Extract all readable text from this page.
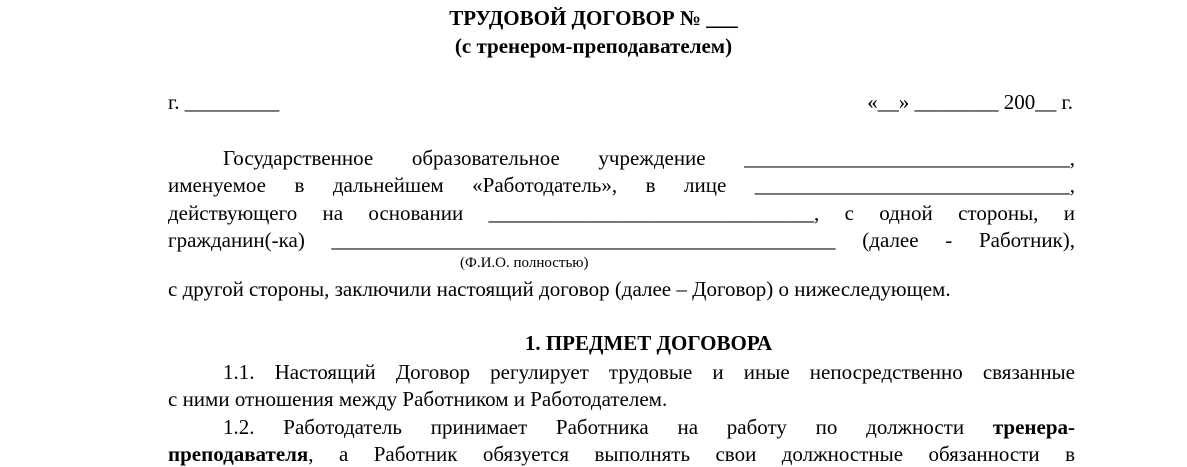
ТРУДОВОЙ ДОГОВОР № ___
(с тренером-преподавателем)
г. _________	«__» ________ 200__ г.
Государственное образовательное учреждение _______________________________,
именуемое в дальнейшем «Работодатель», в лице ______________________________,
действующего на основании _______________________________, с одной стороны, и
гражданин(-ка) ________________________________________________ (далее - Работник),
(Ф.И.О. полностью)
с другой стороны, заключили настоящий договор (далее – Договор) о нижеследующем.
1. ПРЕДМЕТ ДОГОВОРА
1.1. Настоящий Договор регулирует трудовые и иные непосредственно связанные
с ними отношения между Работником и Работодателем.
1.2. Работодатель принимает Работника на работу по должности тренера-
преподавателя, а Работник обязуется выполнять свои должностные обязанности в
